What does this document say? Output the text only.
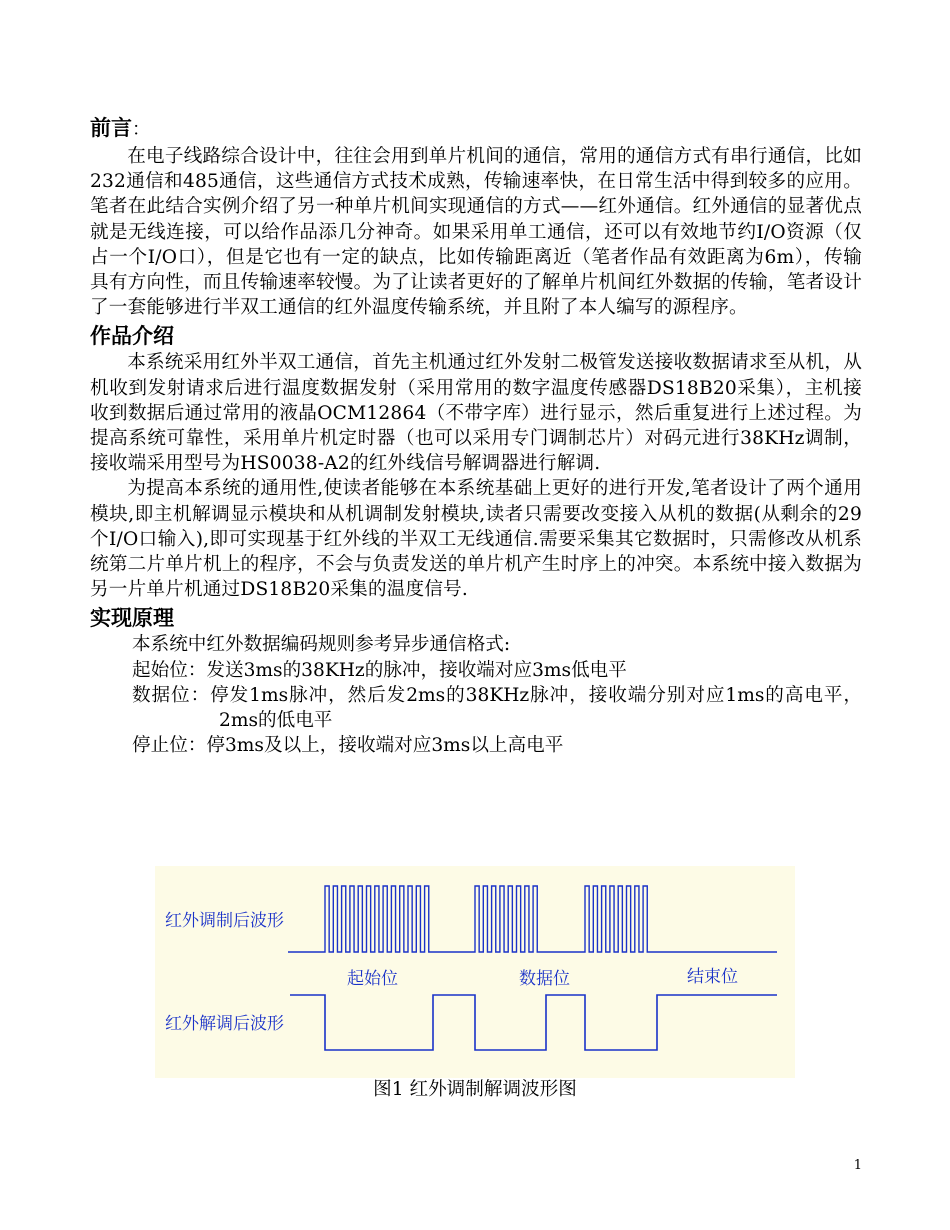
前言：

在电子线路综合设计中，往往会用到单片机间的通信，常用的通信方式有串行通信，比如232通信和485通信，这些通信方式技术成熟，传输速率快，在日常生活中得到较多的应用。笔者在此结合实例介绍了另一种单片机间实现通信的方式——红外通信。红外通信的显著优点就是无线连接，可以给作品添几分神奇。如果采用单工通信，还可以有效地节约I/O资源（仅占一个I/O口），但是它也有一定的缺点，比如传输距离近（笔者作品有效距离为6m），传输具有方向性，而且传输速率较慢。为了让读者更好的了解单片机间红外数据的传输，笔者设计了一套能够进行半双工通信的红外温度传输系统，并且附了本人编写的源程序。

作品介绍

本系统采用红外半双工通信，首先主机通过红外发射二极管发送接收数据请求至从机，从机收到发射请求后进行温度数据发射（采用常用的数字温度传感器DS18B20采集），主机接收到数据后通过常用的液晶OCM12864（不带字库）进行显示，然后重复进行上述过程。为提高系统可靠性，采用单片机定时器（也可以采用专门调制芯片）对码元进行38KHz调制，接收端采用型号为HS0038-A2的红外线信号解调器进行解调.

为提高本系统的通用性,使读者能够在本系统基础上更好的进行开发,笔者设计了两个通用模块,即主机解调显示模块和从机调制发射模块,读者只需要改变接入从机的数据(从剩余的29个I/O口输入),即可实现基于红外线的半双工无线通信.需要采集其它数据时，只需修改从机系统第二片单片机上的程序，不会与负责发送的单片机产生时序上的冲突。本系统中接入数据为另一片单片机通过DS18B20采集的温度信号.

实现原理
本系统中红外数据编码规则参考异步通信格式:
起始位：发送3ms的38KHz的脉冲，接收端对应3ms低电平
数据位：停发1ms脉冲，然后发2ms的38KHz脉冲，接收端分别对应1ms的高电平，2ms的低电平
停止位：停3ms及以上，接收端对应3ms以上高电平
红外调制后波形
红外解调后波形
起始位	数据位	结束位
图1 红外调制解调波形图
1
